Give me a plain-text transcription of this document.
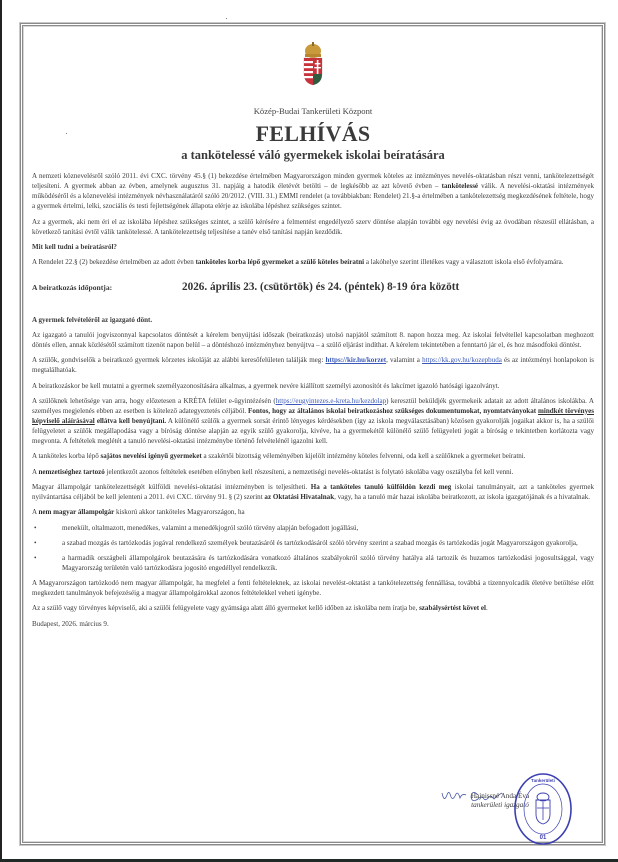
Közép-Budai Tankerületi Központ
FELHÍVÁS
a tankötelessé váló gyermekek iskolai beíratására

A nemzeti köznevelésről szóló 2011. évi CXC. törvény 45.§ (1) bekezdése értelmében Magyarországon minden gyermek köteles az intézményes nevelés-oktatásban részt venni, tankötelezettségét teljesíteni. A gyermek abban az évben, amelynek augusztus 31. napjáig a hatodik életévét betölti – de legkésőbb az azt követő évben – tankötelessé válik. A nevelési-oktatási intézmények működéséről és a köznevelési intézmények névhasználatáról szóló 20/2012. (VIII. 31.) EMMI rendelet (a továbbiakban: Rendelet) 21.§-a értelmében a tankötelezettség megkezdésének feltétele, hogy a gyermek értelmi, lelki, szociális és testi fejlettségének állapota elérje az iskolába lépéshez szükséges szintet.

Az a gyermek, aki nem éri el az iskolába lépéshez szükséges szintet, a szülő kérésére a felmentést engedélyező szerv döntése alapján további egy nevelési évig az óvodában részesül ellátásban, a következő tanítási évtől válik tankötelessé. A tankötelezettség teljesítése a tanév első tanítási napján kezdődik.

Mit kell tudni a beíratásról?

A Rendelet 22.§ (2) bekezdése értelmében az adott évben tanköteles korba lépő gyermeket a szülő köteles beíratni a lakóhelye szerint illetékes vagy a választott iskola első évfolyamára.

A beiratkozás időpontja:	2026. április 23. (csütörtök) és 24. (péntek) 8-19 óra között

A gyermek felvételéről az igazgató dönt.

Az igazgató a tanulói jogviszonnyal kapcsolatos döntését a kérelem benyújtási időszak (beiratkozás) utolsó napjától számított 8. napon hozza meg. Az iskolai felvétellel kapcsolatban meghozott döntés ellen, annak közlésétől számított tizenöt napon belül – a döntéshozó intézményhez benyújtva – a szülő eljárást indíthat. A kérelem tekintetében a fenntartó jár el, és hoz másodfokú döntést.

A szülők, gondviselők a beiratkozó gyermek körzetes iskoláját az alábbi keresőfelületen találják meg: https://kir.hu/korzet, valamint a https://kk.gov.hu/kozepbuda és az intézményi honlapokon is megtalálhatóak.

A beiratkozáskor be kell mutatni a gyermek személyazonosítására alkalmas, a gyermek nevére kiállított személyi azonosítót és lakcímet igazoló hatósági igazolványt.

A szülőknek lehetősége van arra, hogy előzetesen a KRÉTA felület e-ügyintézésén (https://eugyintezes.e-kreta.hu/kezdolap) keresztül beküldjék gyermekeik adatait az adott általános iskolákba. A személyes megjelenés ebben az esetben is kötelező adategyeztetés céljából. Fontos, hogy az általános iskolai beiratkozáshoz szükséges dokumentumokat, nyomtatványokat mindkét törvényes képviselő aláírásával ellátva kell benyújtani. A különélő szülők a gyermek sorsát érintő lényeges kérdésekben (így az iskola megválasztásában) közösen gyakorolják jogaikat akkor is, ha a szülői felügyeletet a szülők megállapodása vagy a bíróság döntése alapján az egyik szülő gyakorolja, kivéve, ha a gyermekétől különélő szülő felügyeleti jogát a bíróság e tekintetben korlátozta vagy megvonta. A feltételek meglétét a tanuló nevelési-oktatási intézménybe történő felvételénél igazolni kell.

A tanköteles korba lépő sajátos nevelési igényű gyermeket a szakértői bizottság véleményében kijelölt intézmény köteles felvenni, oda kell a szülőknek a gyermeket beíratni.

A nemzetiséghez tartozó jelentkezőt azonos feltételek esetében előnyben kell részesíteni, a nemzetiségi nevelés-oktatást is folytató iskolába vagy osztályba fel kell venni.

Magyar állampolgár tankötelezettségét külföldi nevelési-oktatási intézményben is teljesítheti. Ha a tanköteles tanuló külföldön kezdi meg iskolai tanulmányait, azt a tanköteles gyermek nyilvántartása céljából be kell jelenteni a 2011. évi CXC. törvény 91. § (2) szerint az Oktatási Hivatalnak, vagy, ha a tanuló már hazai iskolába beiratkozott, az iskola igazgatójának és a hivatalnak.

A nem magyar állampolgár kiskorú akkor tanköteles Magyarországon, ha

•	menekült, oltalmazott, menedékes, valamint a menedékjogról szóló törvény alapján befogadott jogállású,
•	a szabad mozgás és tartózkodás jogával rendelkező személyek beutazásáról és tartózkodásáról szóló törvény szerint a szabad mozgás és tartózkodás jogát Magyarországon gyakorolja,
•	a harmadik országbeli állampolgárok beutazására és tartózkodására vonatkozó általános szabályokról szóló törvény hatálya alá tartozik és huzamos tartózkodási jogosultsággal, vagy Magyarország területén való tartózkodásra jogosító engedéllyel rendelkezik.

A Magyarországon tartózkodó nem magyar állampolgár, ha megfelel a fenti feltételeknek, az iskolai nevelést-oktatást a tankötelezettség fennállása, továbbá a tizennyolcadik életéve betöltése előtt megkezdett tanulmányok befejezéséig a magyar állampolgárokkal azonos feltételekkel veheti igénybe.

Az a szülő vagy törvényes képviselő, aki a szülői felügyelete vagy gyámsága alatt álló gyermeket kellő időben az iskolába nem íratja be, szabálysértést követ el.

Budapest, 2026. március 9.

Hajnissné Anda Éva
tankerületi igazgató
01
Tankerületi
